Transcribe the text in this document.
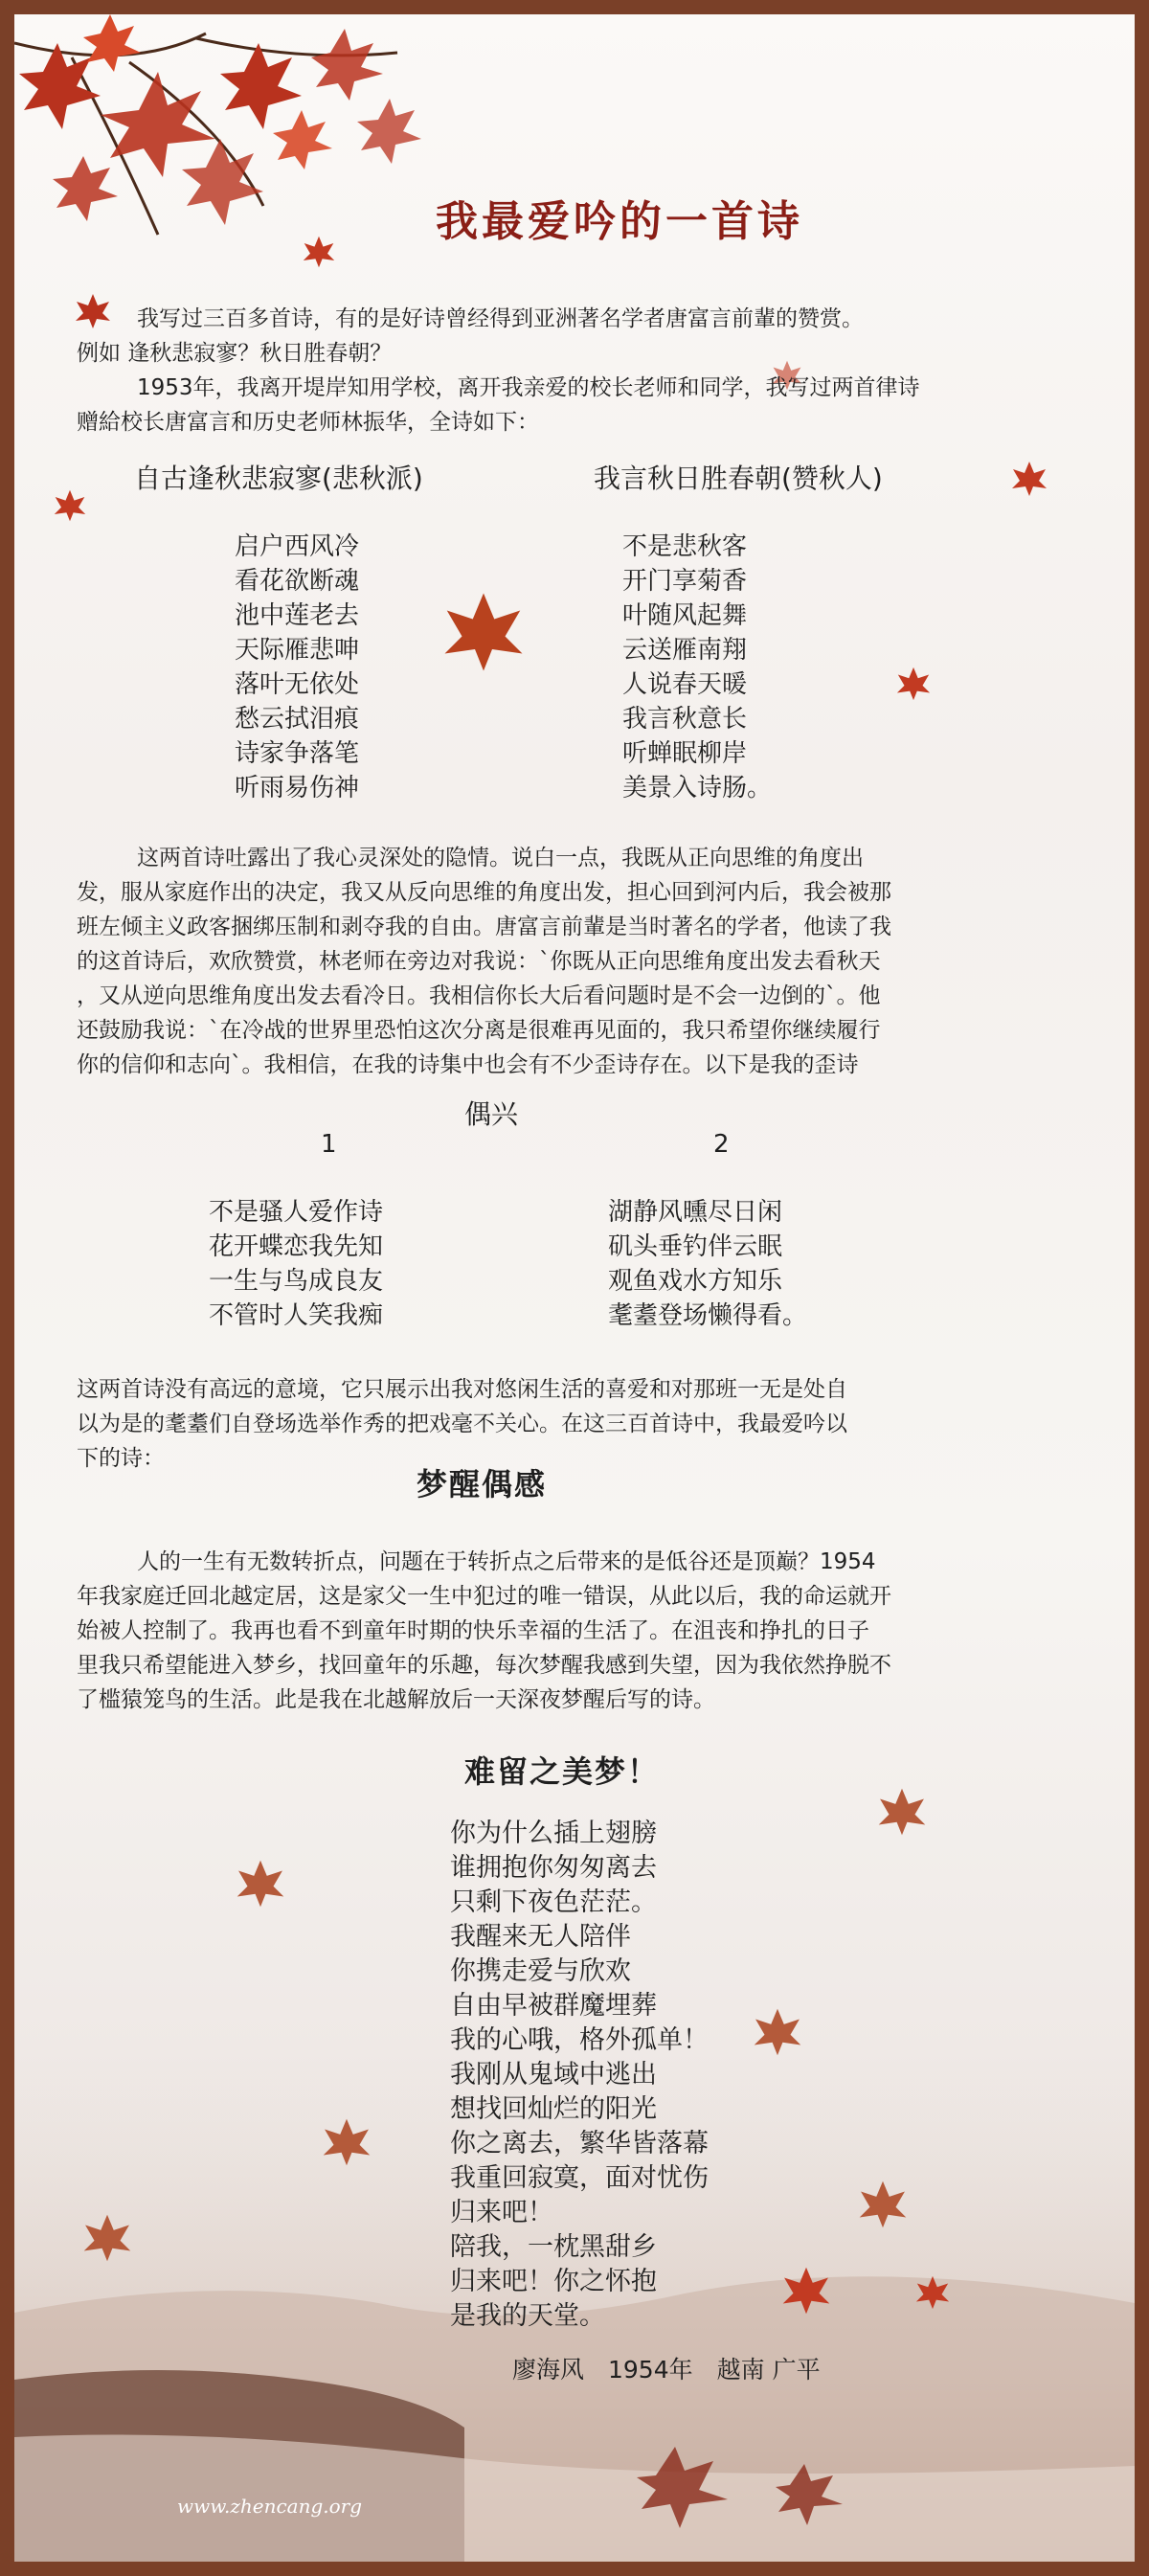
我最爱吟的一首诗
我写过三百多首诗，有的是好诗曾经得到亚洲著名学者唐富言前輩的赞赏。
例如 逢秋悲寂寥？秋日胜春朝？
1953年，我离开堤岸知用学校，离开我亲爱的校长老师和同学，我写过两首律诗
赠給校长唐富言和历史老师林振华，全诗如下：
自古逢秋悲寂寥(悲秋派)	我言秋日胜春朝(赞秋人)
启户西风冷
看花欲断魂
池中莲老去
天际雁悲呻
落叶无依处
愁云拭泪痕
诗家争落笔
听雨易伤神
不是悲秋客
开门享菊香
叶随风起舞
云送雁南翔
人说春天暖
我言秋意长
听蝉眠柳岸
美景入诗肠。
这两首诗吐露出了我心灵深处的隐情。说白一点，我既从正向思维的角度出
发，服从家庭作出的决定，我又从反向思维的角度出发，担心回到河内后，我会被那
班左倾主义政客捆绑压制和剥夺我的自由。唐富言前輩是当时著名的学者，他读了我
的这首诗后，欢欣赞赏，林老师在旁边对我说：`你既从正向思维角度出发去看秋天
，又从逆向思维角度出发去看冷日。我相信你长大后看问题时是不会一边倒的`。他
还鼓励我说：`在冷战的世界里恐怕这次分离是很难再见面的，我只希望你继续履行
你的信仰和志向`。我相信，在我的诗集中也会有不少歪诗存在。以下是我的歪诗
偶兴
1	2
不是骚人爱作诗
花开蝶恋我先知
一生与鸟成良友
不管时人笑我痴
湖静风曛尽日闲
矶头垂钓伴云眠
观鱼戏水方知乐
耄耋登场懒得看。
这两首诗没有高远的意境，它只展示出我对悠闲生活的喜爱和对那班一无是处自
以为是的耄耋们自登场选举作秀的把戏毫不关心。在这三百首诗中，我最爱吟以
下的诗：
梦醒偶感
人的一生有无数转折点，问题在于转折点之后带来的是低谷还是顶巅？1954
年我家庭迁回北越定居，这是家父一生中犯过的唯一错误，从此以后，我的命运就开
始被人控制了。我再也看不到童年时期的快乐幸福的生活了。在沮丧和挣扎的日子
里我只希望能进入梦乡，找回童年的乐趣，每次梦醒我感到失望，因为我依然挣脱不
了槛猿笼鸟的生活。此是我在北越解放后一天深夜梦醒后写的诗。
难留之美梦！
你为什么插上翅膀
谁拥抱你匆匆离去
只剩下夜色茫茫。
我醒来无人陪伴
你携走爱与欣欢
自由早被群魔埋葬
我的心哦，格外孤单！
我刚从鬼域中逃出
想找回灿烂的阳光
你之离去，繁华皆落幕
我重回寂寞，面对忧伤
归来吧！
陪我，一枕黑甜乡
归来吧！你之怀抱
是我的天堂。
廖海风　1954年　越南 广平
www.zhencang.org
